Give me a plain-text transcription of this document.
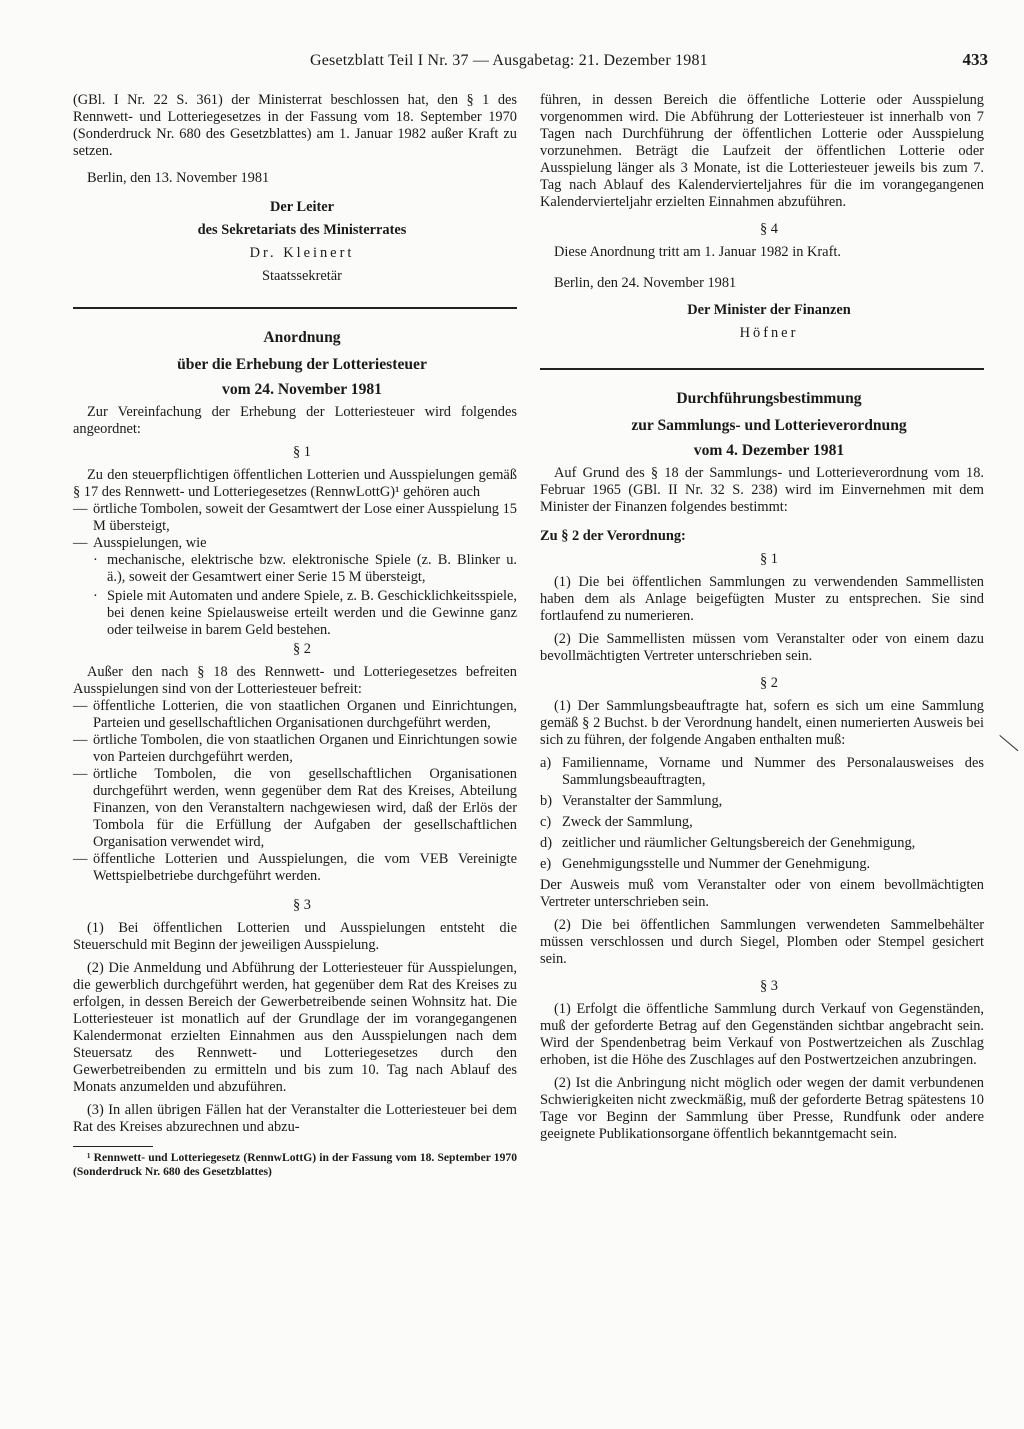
Gesetzblatt Teil I Nr. 37 — Ausgabetag: 21. Dezember 1981	433

(GBl. I Nr. 22 S. 361) der Ministerrat beschlossen hat, den § 1 des Rennwett- und Lotteriegesetzes in der Fassung vom 18. September 1970 (Sonderdruck Nr. 680 des Gesetzblattes) am 1. Januar 1982 außer Kraft zu setzen.

Berlin, den 13. November 1981

Der Leiter

des Sekretariats des Ministerrates

Dr. Kleinert

Staatssekretär

Anordnung

über die Erhebung der Lotteriesteuer

vom 24. November 1981

Zur Vereinfachung der Erhebung der Lotteriesteuer wird folgendes angeordnet:

§ 1

Zu den steuerpflichtigen öffentlichen Lotterien und Ausspielungen gemäß § 17 des Rennwett- und Lotteriegesetzes (RennwLottG)¹ gehören auch

— örtliche Tombolen, soweit der Gesamtwert der Lose einer Ausspielung 15 M übersteigt,
— Ausspielungen, wie
· mechanische, elektrische bzw. elektronische Spiele (z. B. Blinker u. ä.), soweit der Gesamtwert einer Serie 15 M übersteigt,
· Spiele mit Automaten und andere Spiele, z. B. Geschicklichkeitsspiele, bei denen keine Spielausweise erteilt werden und die Gewinne ganz oder teilweise in barem Geld bestehen.

§ 2

Außer den nach § 18 des Rennwett- und Lotteriegesetzes befreiten Ausspielungen sind von der Lotteriesteuer befreit:

— öffentliche Lotterien, die von staatlichen Organen und Einrichtungen, Parteien und gesellschaftlichen Organisationen durchgeführt werden,
— örtliche Tombolen, die von staatlichen Organen und Einrichtungen sowie von Parteien durchgeführt werden,
— örtliche Tombolen, die von gesellschaftlichen Organisationen durchgeführt werden, wenn gegenüber dem Rat des Kreises, Abteilung Finanzen, von den Veranstaltern nachgewiesen wird, daß der Erlös der Tombola für die Erfüllung der Aufgaben der gesellschaftlichen Organisation verwendet wird,
— öffentliche Lotterien und Ausspielungen, die vom VEB Vereinigte Wettspielbetriebe durchgeführt werden.

§ 3

(1) Bei öffentlichen Lotterien und Ausspielungen entsteht die Steuerschuld mit Beginn der jeweiligen Ausspielung.

(2) Die Anmeldung und Abführung der Lotteriesteuer für Ausspielungen, die gewerblich durchgeführt werden, hat gegenüber dem Rat des Kreises zu erfolgen, in dessen Bereich der Gewerbetreibende seinen Wohnsitz hat. Die Lotteriesteuer ist monatlich auf der Grundlage der im vorangegangenen Kalendermonat erzielten Einnahmen aus den Ausspielungen nach dem Steuersatz des Rennwett- und Lotteriegesetzes durch den Gewerbetreibenden zu ermitteln und bis zum 10. Tag nach Ablauf des Monats anzumelden und abzuführen.

(3) In allen übrigen Fällen hat der Veranstalter die Lotteriesteuer bei dem Rat des Kreises abzurechnen und abzu-

¹ Rennwett- und Lotteriegesetz (RennwLottG) in der Fassung vom 18. September 1970 (Sonderdruck Nr. 680 des Gesetzblattes)

führen, in dessen Bereich die öffentliche Lotterie oder Ausspielung vorgenommen wird. Die Abführung der Lotteriesteuer ist innerhalb von 7 Tagen nach Durchführung der öffentlichen Lotterie oder Ausspielung vorzunehmen. Beträgt die Laufzeit der öffentlichen Lotterie oder Ausspielung länger als 3 Monate, ist die Lotteriesteuer jeweils bis zum 7. Tag nach Ablauf des Kalendervierteljahres für die im vorangegangenen Kalendervierteljahr erzielten Einnahmen abzuführen.

§ 4

Diese Anordnung tritt am 1. Januar 1982 in Kraft.

Berlin, den 24. November 1981

Der Minister der Finanzen

Höfner

Durchführungsbestimmung

zur Sammlungs- und Lotterieverordnung

vom 4. Dezember 1981

Auf Grund des § 18 der Sammlungs- und Lotterieverordnung vom 18. Februar 1965 (GBl. II Nr. 32 S. 238) wird im Einvernehmen mit dem Minister der Finanzen folgendes bestimmt:

Zu § 2 der Verordnung:

§ 1

(1) Die bei öffentlichen Sammlungen zu verwendenden Sammellisten haben dem als Anlage beigefügten Muster zu entsprechen. Sie sind fortlaufend zu numerieren.

(2) Die Sammellisten müssen vom Veranstalter oder von einem dazu bevollmächtigten Vertreter unterschrieben sein.

§ 2

(1) Der Sammlungsbeauftragte hat, sofern es sich um eine Sammlung gemäß § 2 Buchst. b der Verordnung handelt, einen numerierten Ausweis bei sich zu führen, der folgende Angaben enthalten muß:

a) Familienname, Vorname und Nummer des Personalausweises des Sammlungsbeauftragten,
b) Veranstalter der Sammlung,
c) Zweck der Sammlung,
d) zeitlicher und räumlicher Geltungsbereich der Genehmigung,
e) Genehmigungsstelle und Nummer der Genehmigung.

Der Ausweis muß vom Veranstalter oder von einem bevollmächtigten Vertreter unterschrieben sein.

(2) Die bei öffentlichen Sammlungen verwendeten Sammelbehälter müssen verschlossen und durch Siegel, Plomben oder Stempel gesichert sein.

§ 3

(1) Erfolgt die öffentliche Sammlung durch Verkauf von Gegenständen, muß der geforderte Betrag auf den Gegenständen sichtbar angebracht sein. Wird der Spendenbetrag beim Verkauf von Postwertzeichen als Zuschlag erhoben, ist die Höhe des Zuschlages auf den Postwertzeichen anzubringen.

(2) Ist die Anbringung nicht möglich oder wegen der damit verbundenen Schwierigkeiten nicht zweckmäßig, muß der geforderte Betrag spätestens 10 Tage vor Beginn der Sammlung über Presse, Rundfunk oder andere geeignete Publikationsorgane öffentlich bekanntgemacht sein.
